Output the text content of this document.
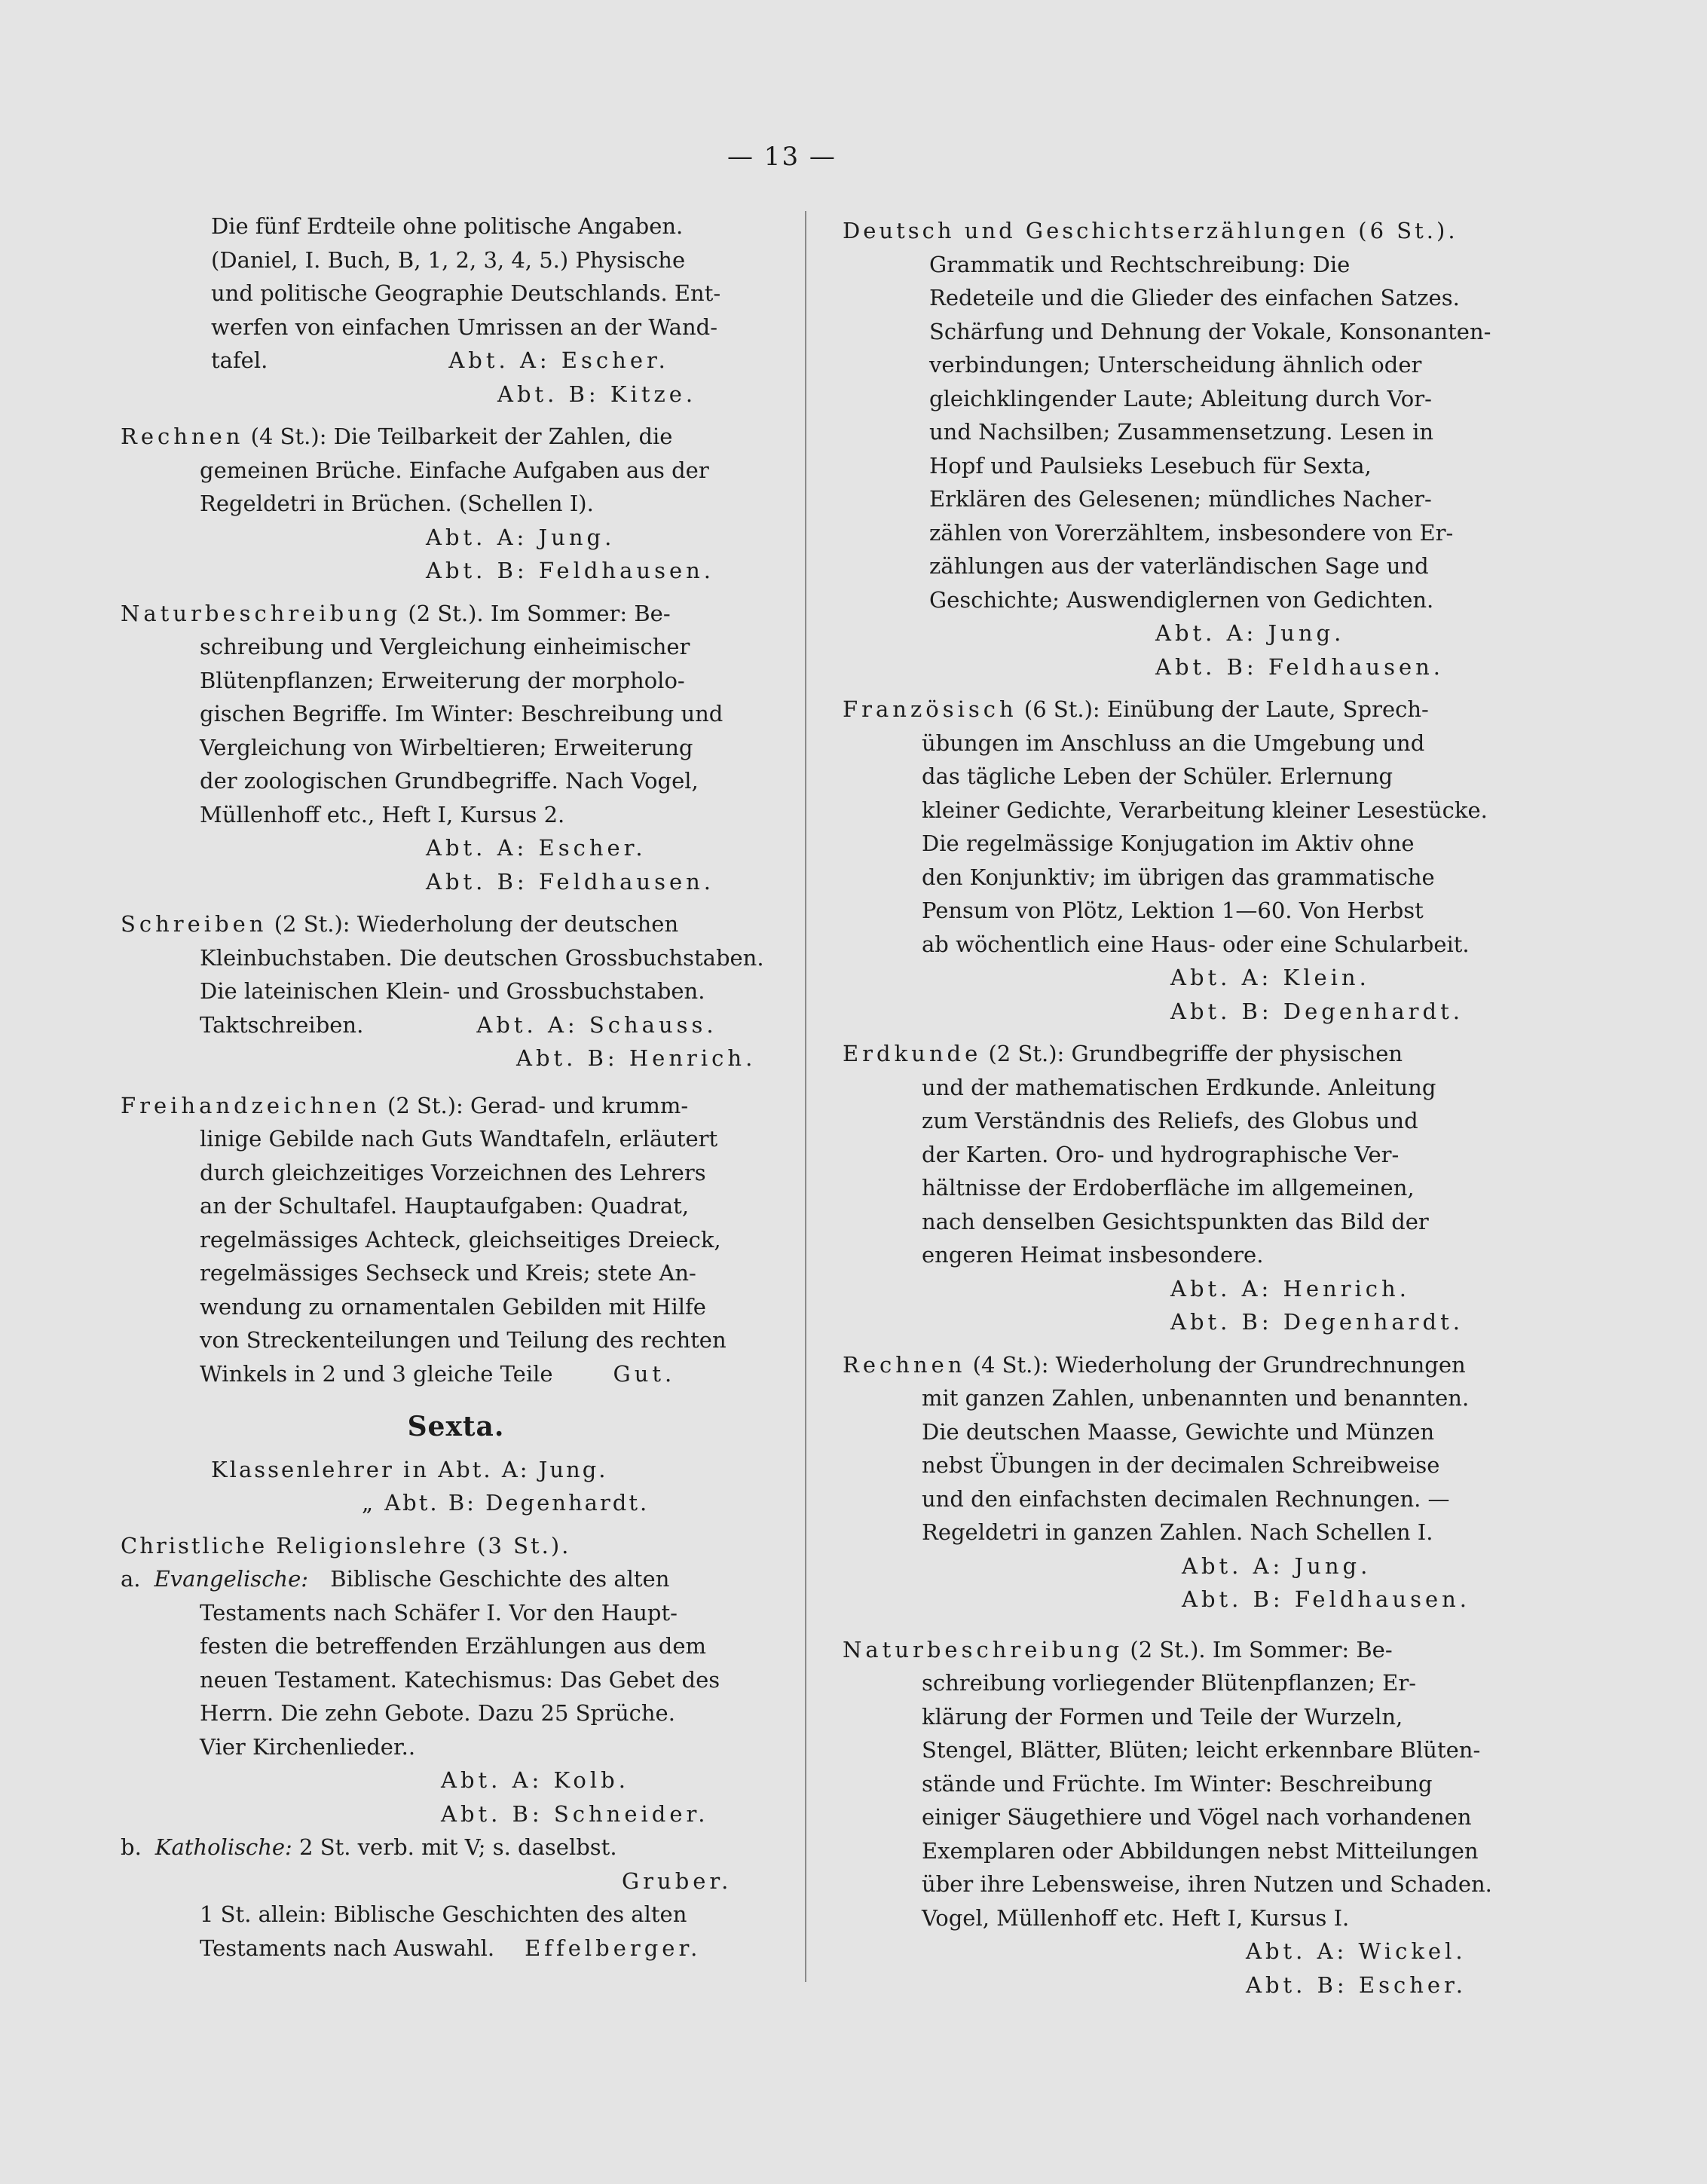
— 13 —
Die fünf Erdteile ohne politische Angaben.
(Daniel, I. Buch, B, 1, 2, 3, 4, 5.) Physische
und politische Geographie Deutschlands. Ent-
werfen von einfachen Umrissen an der Wand-
tafel.	Abt. A: Escher.
Abt. B: Kitze.
Rechnen (4 St.): Die Teilbarkeit der Zahlen, die
gemeinen Brüche. Einfache Aufgaben aus der
Regeldetri in Brüchen. (Schellen I).
Abt. A: Jung.
Abt. B: Feldhausen.
Naturbeschreibung (2 St.). Im Sommer: Be-
schreibung und Vergleichung einheimischer
Blütenpflanzen; Erweiterung der morpholo-
gischen Begriffe. Im Winter: Beschreibung und
Vergleichung von Wirbeltieren; Erweiterung
der zoologischen Grundbegriffe. Nach Vogel,
Müllenhoff etc., Heft I, Kursus 2.
Abt. A: Escher.
Abt. B: Feldhausen.
Schreiben (2 St.): Wiederholung der deutschen
Kleinbuchstaben. Die deutschen Grossbuchstaben.
Die lateinischen Klein- und Grossbuchstaben.
Taktschreiben.	Abt. A: Schauss.
Abt. B: Henrich.
Freihandzeichnen (2 St.): Gerad- und krumm-
linige Gebilde nach Guts Wandtafeln, erläutert
durch gleichzeitiges Vorzeichnen des Lehrers
an der Schultafel. Hauptaufgaben: Quadrat,
regelmässiges Achteck, gleichseitiges Dreieck,
regelmässiges Sechseck und Kreis; stete An-
wendung zu ornamentalen Gebilden mit Hilfe
von Streckenteilungen und Teilung des rechten
Winkels in 2 und 3 gleiche Teile	Gut.
Sexta.
Klassenlehrer in Abt. A: Jung.
„ Abt. B: Degenhardt.
Christliche Religionslehre (3 St.).
a. Evangelische: Biblische Geschichte des alten
Testaments nach Schäfer I. Vor den Haupt-
festen die betreffenden Erzählungen aus dem
neuen Testament. Katechismus: Das Gebet des
Herrn. Die zehn Gebote. Dazu 25 Sprüche.
Vier Kirchenlieder..
Abt. A: Kolb.
Abt. B: Schneider.
b. Katholische: 2 St. verb. mit V; s. daselbst.
Gruber.
1 St. allein: Biblische Geschichten des alten
Testaments nach Auswahl. Effelberger.
Deutsch und Geschichtserzählungen (6 St.).
Grammatik und Rechtschreibung: Die
Redeteile und die Glieder des einfachen Satzes.
Schärfung und Dehnung der Vokale, Konsonanten-
verbindungen; Unterscheidung ähnlich oder
gleichklingender Laute; Ableitung durch Vor-
und Nachsilben; Zusammensetzung. Lesen in
Hopf und Paulsieks Lesebuch für Sexta,
Erklären des Gelesenen; mündliches Nacher-
zählen von Vorerzähltem, insbesondere von Er-
zählungen aus der vaterländischen Sage und
Geschichte; Auswendiglernen von Gedichten.
Abt. A: Jung.
Abt. B: Feldhausen.
Französisch (6 St.): Einübung der Laute, Sprech-
übungen im Anschluss an die Umgebung und
das tägliche Leben der Schüler. Erlernung
kleiner Gedichte, Verarbeitung kleiner Lesestücke.
Die regelmässige Konjugation im Aktiv ohne
den Konjunktiv; im übrigen das grammatische
Pensum von Plötz, Lektion 1—60. Von Herbst
ab wöchentlich eine Haus- oder eine Schularbeit.
Abt. A: Klein.
Abt. B: Degenhardt.
Erdkunde (2 St.): Grundbegriffe der physischen
und der mathematischen Erdkunde. Anleitung
zum Verständnis des Reliefs, des Globus und
der Karten. Oro- und hydrographische Ver-
hältnisse der Erdoberfläche im allgemeinen,
nach denselben Gesichtspunkten das Bild der
engeren Heimat insbesondere.
Abt. A: Henrich.
Abt. B: Degenhardt.
Rechnen (4 St.): Wiederholung der Grundrechnungen
mit ganzen Zahlen, unbenannten und benannten.
Die deutschen Maasse, Gewichte und Münzen
nebst Übungen in der decimalen Schreibweise
und den einfachsten decimalen Rechnungen. —
Regeldetri in ganzen Zahlen. Nach Schellen I.
Abt. A: Jung.
Abt. B: Feldhausen.
Naturbeschreibung (2 St.). Im Sommer: Be-
schreibung vorliegender Blütenpflanzen; Er-
klärung der Formen und Teile der Wurzeln,
Stengel, Blätter, Blüten; leicht erkennbare Blüten-
stände und Früchte. Im Winter: Beschreibung
einiger Säugethiere und Vögel nach vorhandenen
Exemplaren oder Abbildungen nebst Mitteilungen
über ihre Lebensweise, ihren Nutzen und Schaden.
Vogel, Müllenhoff etc. Heft I, Kursus I.
Abt. A: Wickel.
Abt. B: Escher.
